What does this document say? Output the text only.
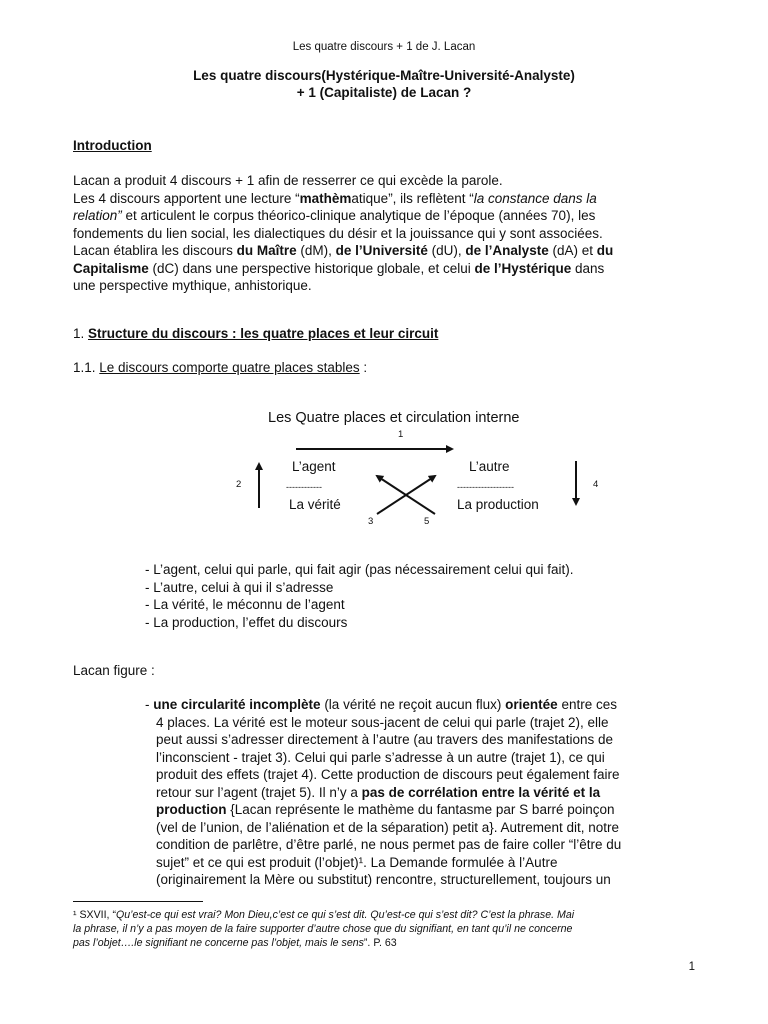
Les quatre discours + 1 de J. Lacan
Les quatre discours(Hystérique-Maître-Université-Analyste)
+ 1 (Capitaliste) de Lacan ?
Introduction
Lacan a produit 4 discours + 1 afin de resserrer ce qui excède la parole.
Les 4 discours apportent une lecture “mathèmatique”, ils reflètent “la constance dans la
relation” et articulent le corpus théorico-clinique analytique de l’époque (années 70), les
fondements du lien social, les dialectiques du désir et la jouissance qui y sont associées.
Lacan établira les discours du Maître (dM), de l’Université (dU), de l’Analyste (dA) et du
Capitalisme (dC) dans une perspective historique globale, et celui de l’Hystérique dans
une perspective mythique, anhistorique.
1. Structure du discours : les quatre places et leur circuit
1.1. Le discours comporte quatre places stables :
Les Quatre places et circulation interne
1
2	4
L’agent	L’autre
------------	-------------------
La vérité	La production
3	5
- L’agent, celui qui parle, qui fait agir (pas nécessairement celui qui fait).
- L’autre, celui à qui il s’adresse
- La vérité, le méconnu de l’agent
- La production, l’effet du discours
Lacan figure :
- une circularité incomplète (la vérité ne reçoit aucun flux) orientée entre ces
4 places. La vérité est le moteur sous-jacent de celui qui parle (trajet 2), elle
peut aussi s’adresser directement à l’autre (au travers des manifestations de
l’inconscient - trajet 3). Celui qui parle s’adresse à un autre (trajet 1), ce qui
produit des effets (trajet 4). Cette production de discours peut également faire
retour sur l’agent (trajet 5). Il n’y a pas de corrélation entre la vérité et la
production {Lacan représente le mathème du fantasme par S barré poinçon
(vel de l’union, de l’aliénation et de la séparation) petit a}. Autrement dit, notre
condition de parlêtre, d’être parlé, ne nous permet pas de faire coller “l’être du
sujet” et ce qui est produit (l’objet)¹. La Demande formulée à l’Autre
(originairement la Mère ou substitut) rencontre, structurellement, toujours un
¹ SXVII, “Qu’est-ce qui est vrai? Mon Dieu,c’est ce qui s’est dit. Qu’est-ce qui s’est dit? C’est la phrase. Mai
la phrase, il n’y a pas moyen de la faire supporter d’autre chose que du signifiant, en tant qu’il ne concerne
pas l’objet….le signifiant ne concerne pas l’objet, mais le sens”. P. 63
1
